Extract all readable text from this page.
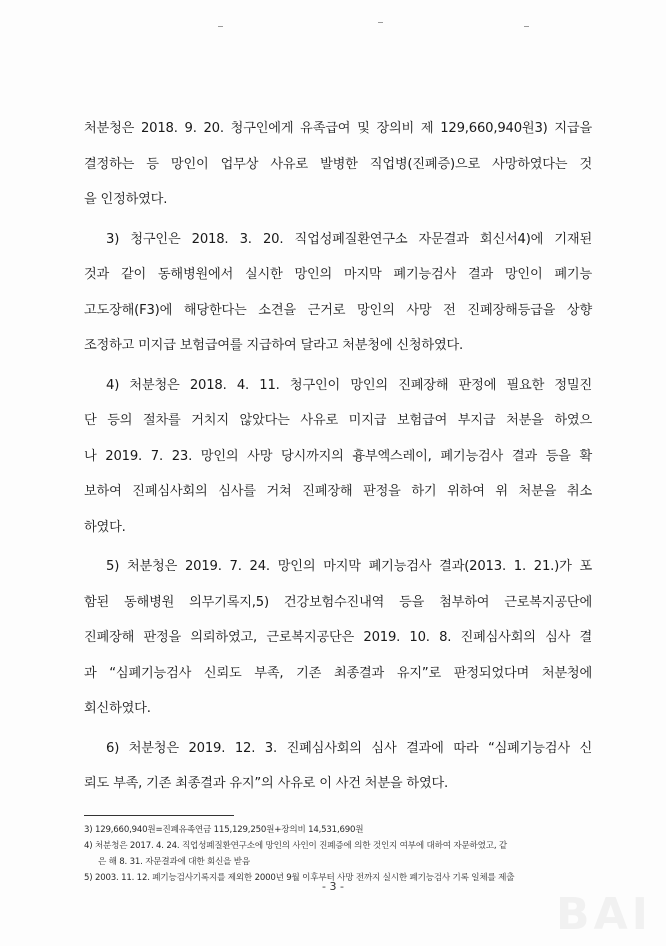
처분청은 2018. 9. 20. 청구인에게 유족급여 및 장의비 제 129,660,940원3) 지급을
결정하는 등 망인이 업무상 사유로 발병한 직업병(진폐증)으로 사망하였다는 것
을 인정하였다.
3) 청구인은 2018. 3. 20. 직업성폐질환연구소 자문결과 회신서4)에 기재된
것과 같이 동해병원에서 실시한 망인의 마지막 폐기능검사 결과 망인이 폐기능
고도장해(F3)에 해당한다는 소견을 근거로 망인의 사망 전 진폐장해등급을 상향
조정하고 미지급 보험급여를 지급하여 달라고 처분청에 신청하였다.
4) 처분청은 2018. 4. 11. 청구인이 망인의 진폐장해 판정에 필요한 정밀진
단 등의 절차를 거치지 않았다는 사유로 미지급 보험급여 부지급 처분을 하였으
나 2019. 7. 23. 망인의 사망 당시까지의 흉부엑스레이, 폐기능검사 결과 등을 확
보하여 진폐심사회의 심사를 거쳐 진폐장해 판정을 하기 위하여 위 처분을 취소
하였다.
5) 처분청은 2019. 7. 24. 망인의 마지막 폐기능검사 결과(2013. 1. 21.)가 포
함된 동해병원 의무기록지,5) 건강보험수진내역 등을 첨부하여 근로복지공단에
진폐장해 판정을 의뢰하였고, 근로복지공단은 2019. 10. 8. 진폐심사회의 심사 결
과 “심폐기능검사 신뢰도 부족, 기존 최종결과 유지”로 판정되었다며 처분청에
회신하였다.
6) 처분청은 2019. 12. 3. 진폐심사회의 심사 결과에 따라 “심폐기능검사 신
뢰도 부족, 기존 최종결과 유지”의 사유로 이 사건 처분을 하였다.
3) 129,660,940원=진폐유족연금 115,129,250원+장의비 14,531,690원
4) 처분청은 2017. 4. 24. 직업성폐질환연구소에 망인의 사인이 진폐증에 의한 것인지 여부에 대하여 자문하였고, 같
은 해 8. 31. 자문결과에 대한 회신을 받음
5) 2003. 11. 12. 폐기능검사기록지를 제외한 2000년 9월 이후부터 사망 전까지 실시한 폐기능검사 기록 일체를 제출
- 3 -
BAI
